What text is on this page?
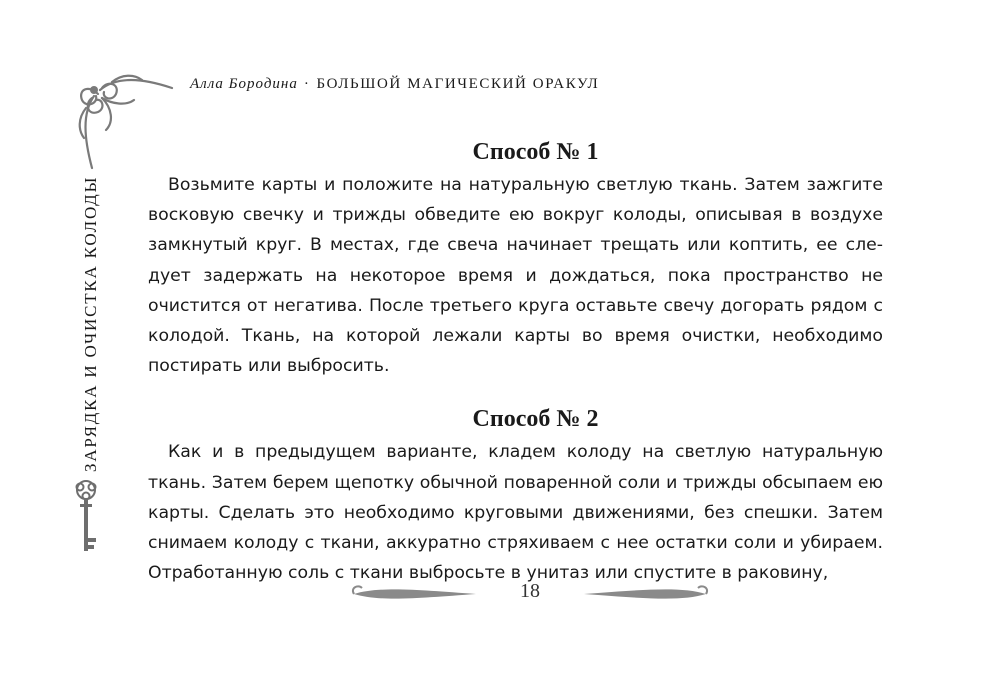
Алла Бородина · БОЛЬШОЙ МАГИЧЕСКИЙ ОРАКУЛ
ЗАРЯДКА И ОЧИСТКА КОЛОДЫ
Способ № 1

Возьмите карты и положите на натуральную светлую ткань. Затем зажгите восковую свечку и трижды обведите ею вокруг колоды, описывая в воздухе замкнутый круг. В местах, где свеча начинает трещать или коптить, ее следует задержать на некоторое время и дождаться, пока пространство не очистится от негатива. После третьего круга оставьте свечу догорать рядом с колодой. Ткань, на которой лежали карты во время очистки, необходимо постирать или выбросить.

Способ № 2

Как и в предыдущем варианте, кладем колоду на светлую натуральную ткань. Затем берем щепотку обычной поваренной соли и трижды обсыпаем ею карты. Сделать это необходимо круговыми движениями, без спешки. Затем снимаем колоду с ткани, аккуратно стряхиваем с нее остатки соли и убираем. Отработанную соль с ткани выбросьте в унитаз или спустите в раковину,

18
